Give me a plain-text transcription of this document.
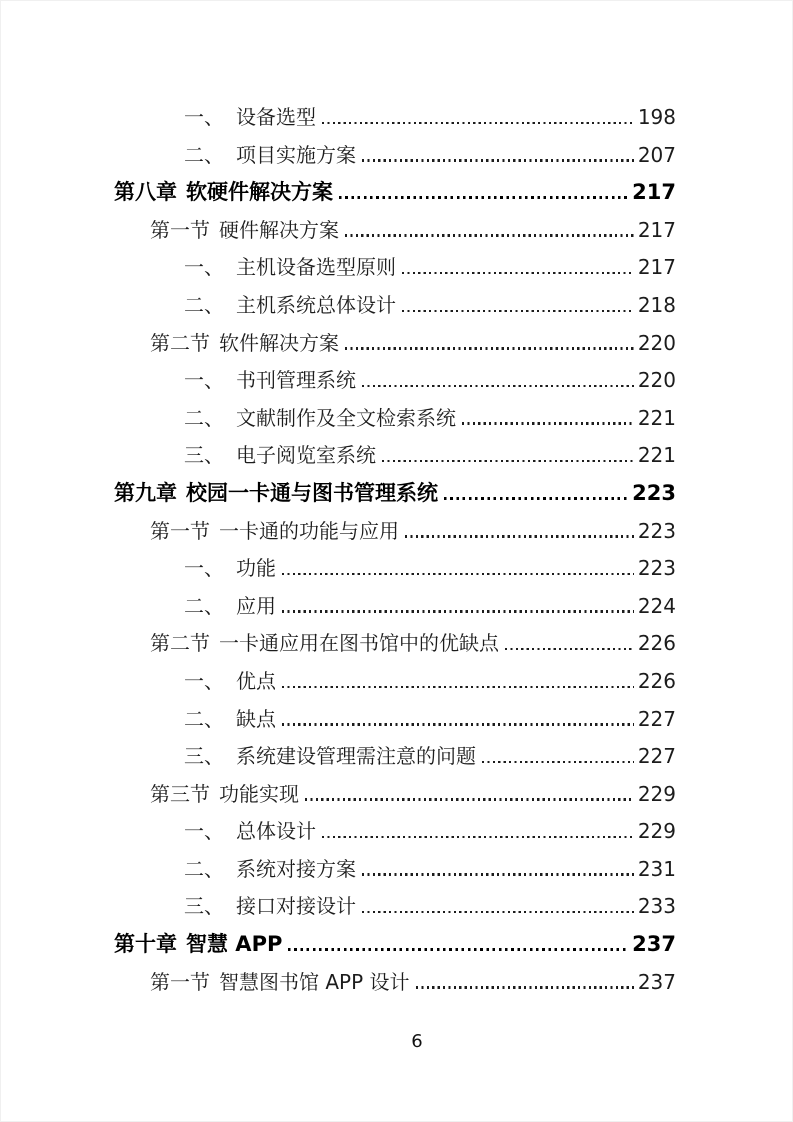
一、 设备选型	198
二、 项目实施方案	207
第八章 软硬件解决方案	217
第一节 硬件解决方案	217
一、 主机设备选型原则	217
二、 主机系统总体设计	218
第二节 软件解决方案	220
一、 书刊管理系统	220
二、 文献制作及全文检索系统	221
三、 电子阅览室系统	221
第九章 校园一卡通与图书管理系统	223
第一节 一卡通的功能与应用	223
一、 功能	223
二、 应用	224
第二节 一卡通应用在图书馆中的优缺点	226
一、 优点	226
二、 缺点	227
三、 系统建设管理需注意的问题	227
第三节 功能实现	229
一、 总体设计	229
二、 系统对接方案	231
三、 接口对接设计	233
第十章 智慧 APP	237
第一节 智慧图书馆 APP 设计	237
6
